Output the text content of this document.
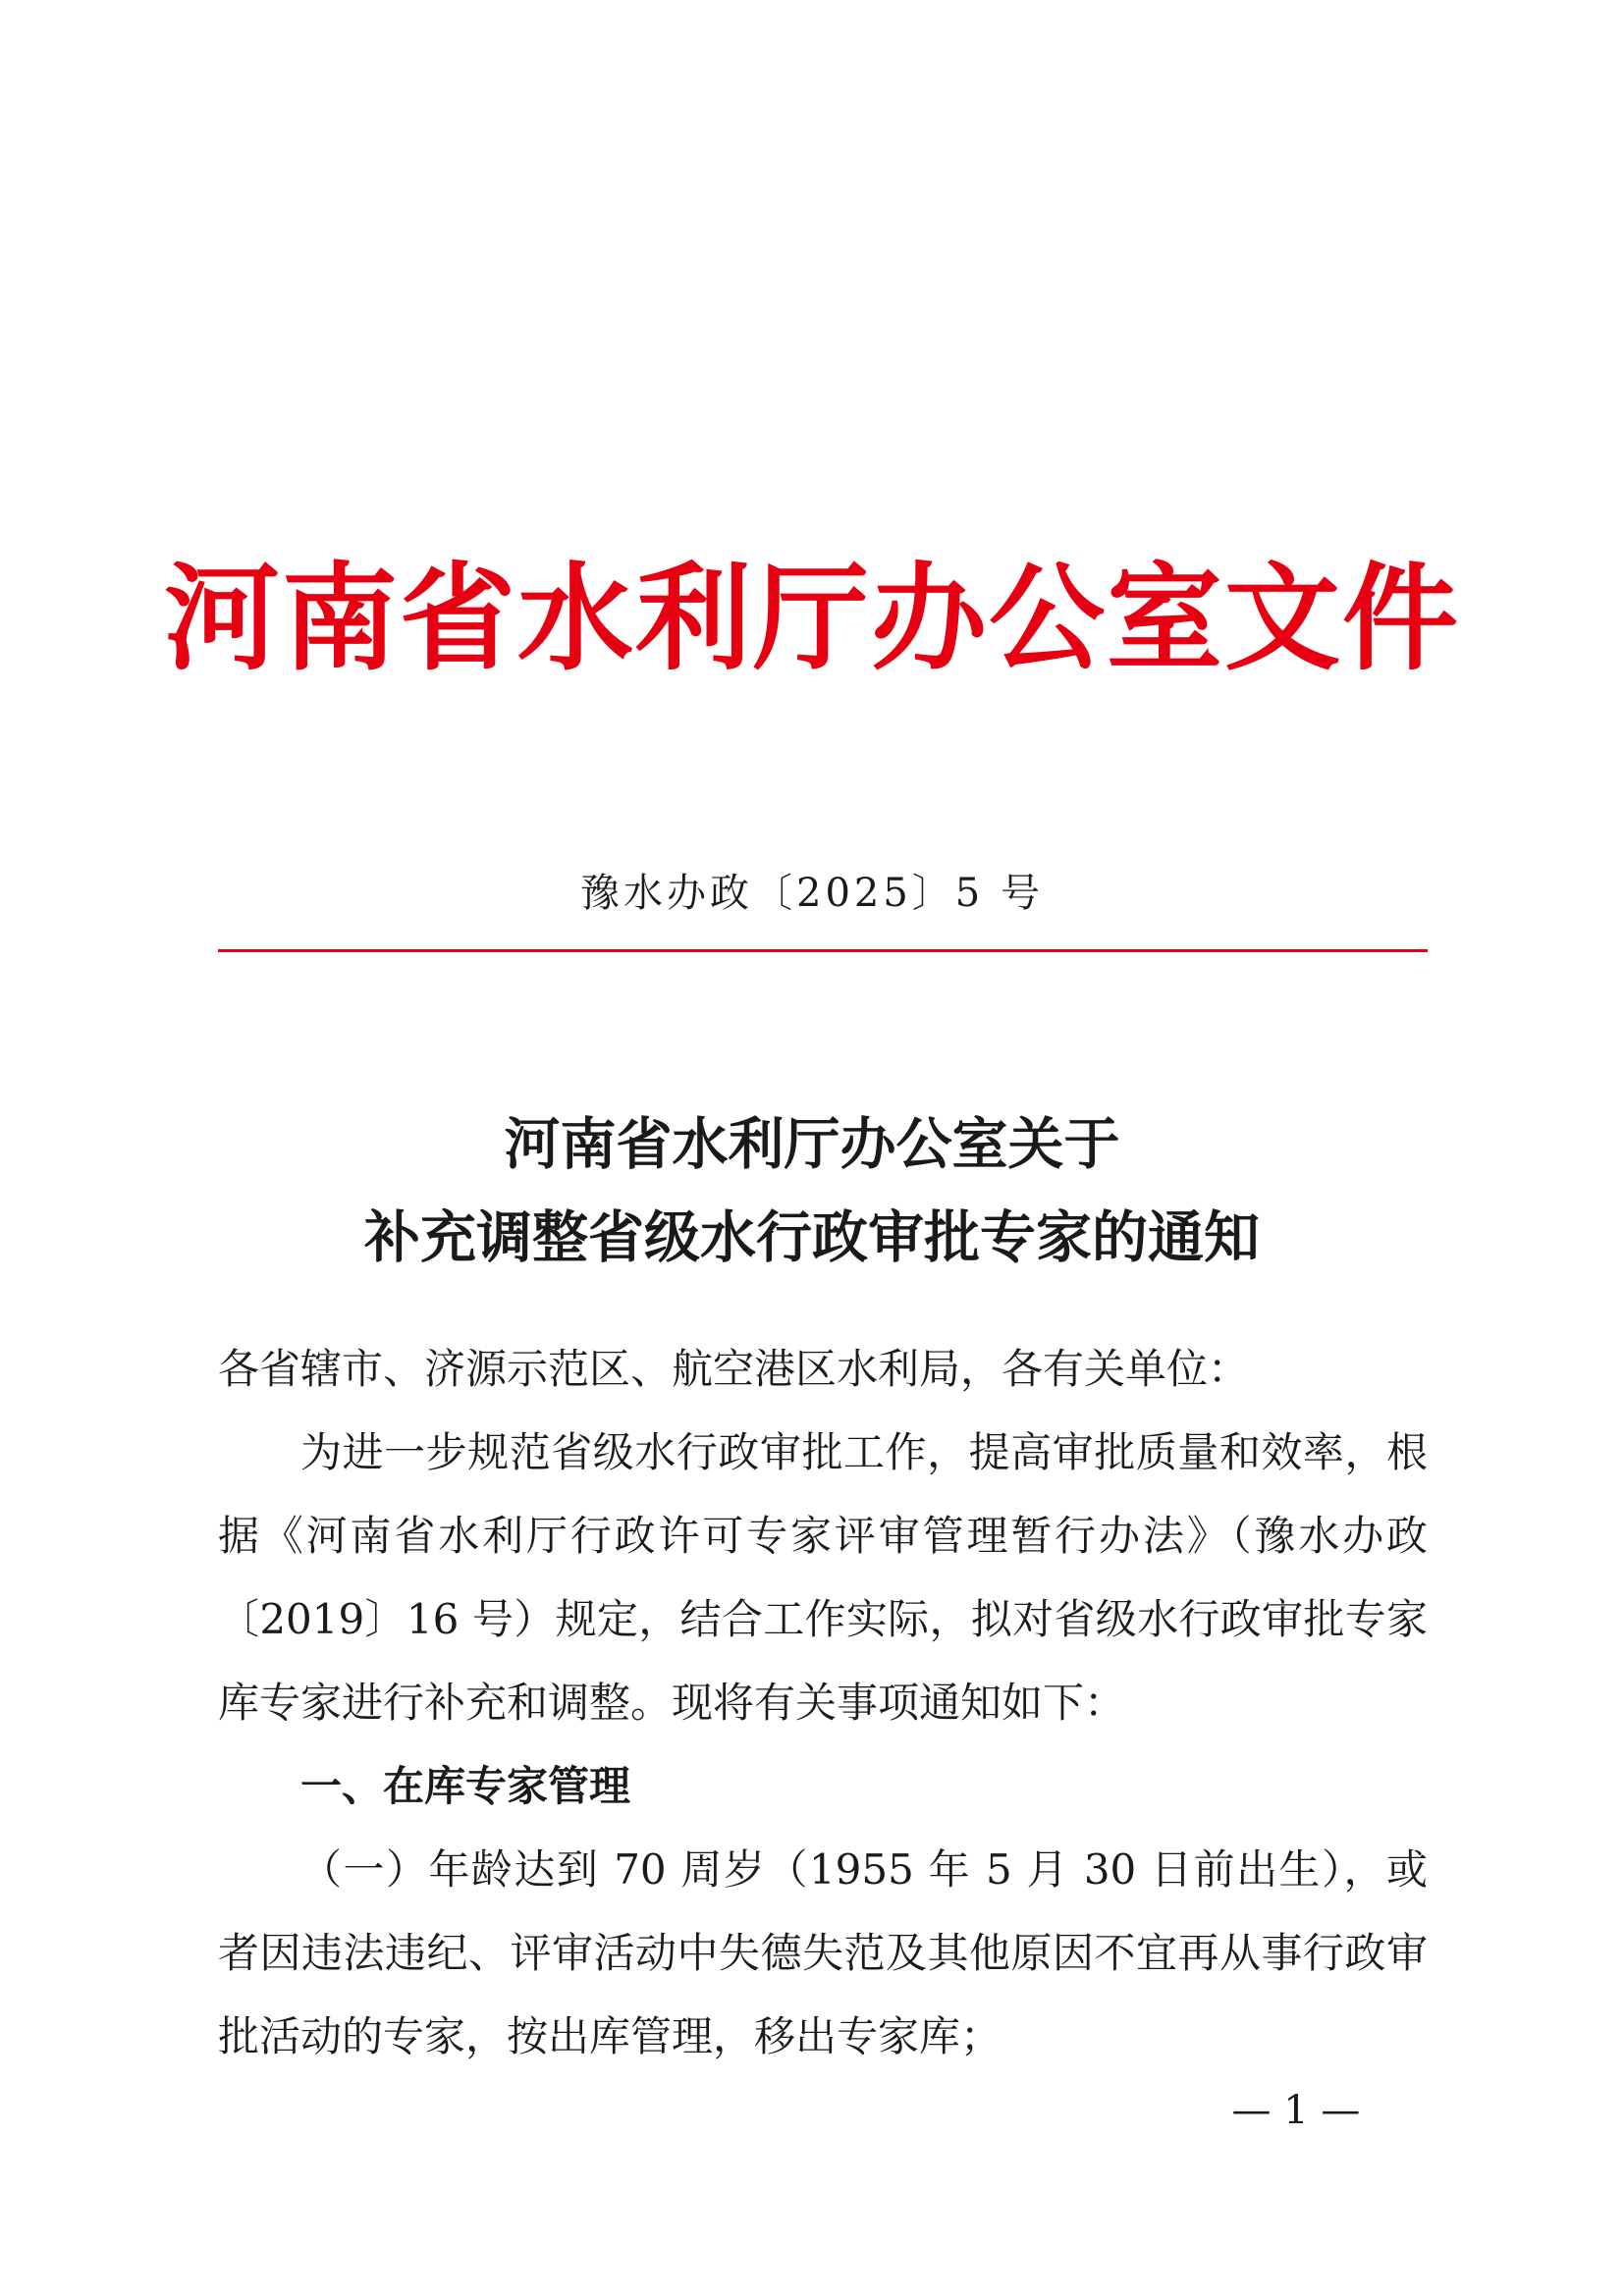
河南省水利厅办公室文件
豫水办政〔2025〕5 号
河南省水利厅办公室关于
补充调整省级水行政审批专家的通知

各省辖市、济源示范区、航空港区水利局，各有关单位：

为进一步规范省级水行政审批工作，提高审批质量和效率，根据《河南省水利厅行政许可专家评审管理暂行办法》（豫水办政〔2019〕16 号）规定，结合工作实际，拟对省级水行政审批专家库专家进行补充和调整。现将有关事项通知如下：

一、在库专家管理

（一）年龄达到 70 周岁（1955 年 5 月 30 日前出生），或者因违法违纪、评审活动中失德失范及其他原因不宜再从事行政审批活动的专家，按出库管理，移出专家库；

— 1 —
